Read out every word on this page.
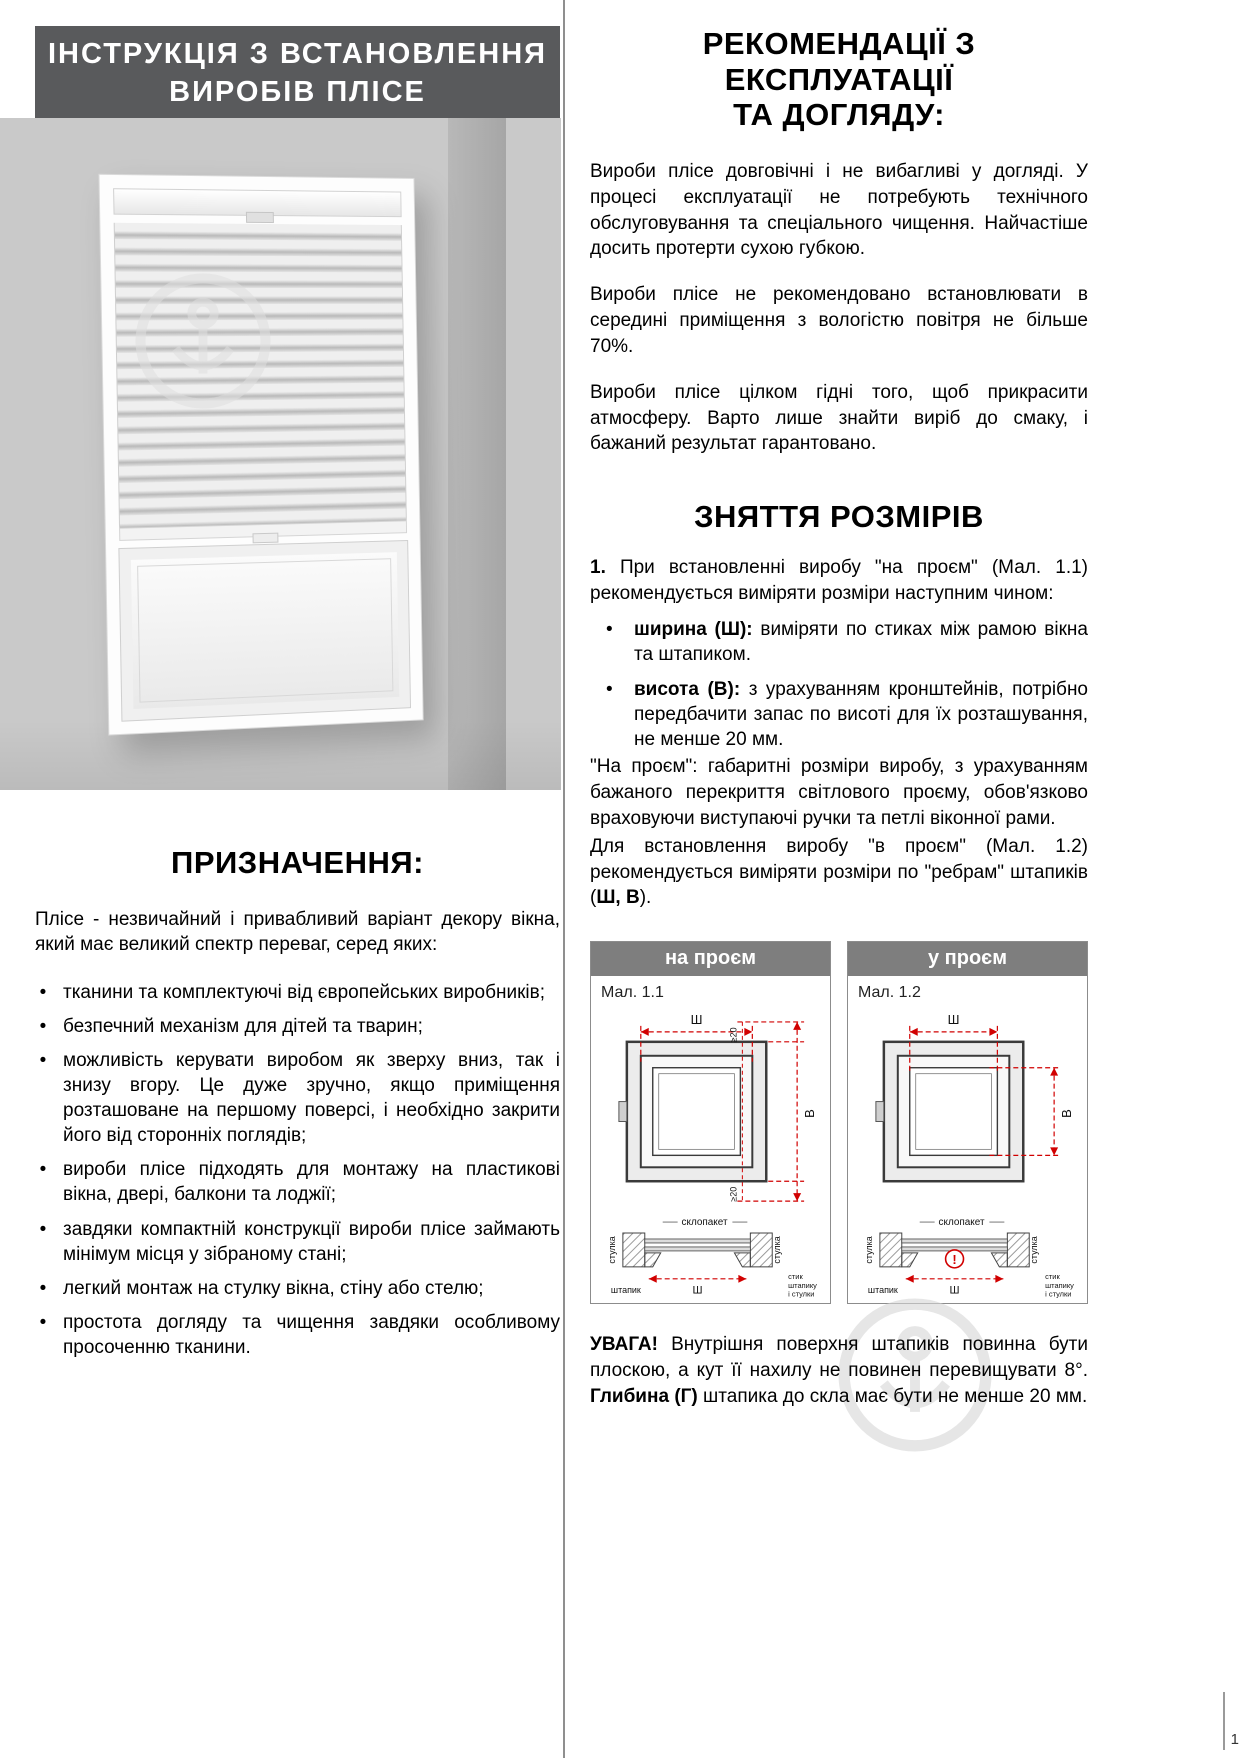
ІНСТРУКЦІЯ З ВСТАНОВЛЕННЯ
ВИРОБІВ ПЛІСЕ
ПРИЗНАЧЕННЯ:
Плісе - незвичайний і привабливий варіант декору вікна, який має великий спектр переваг, серед яких:
• тканини та комплектуючі від європейських виробників;
• безпечний механізм для дітей та тварин;
• можливість керувати виробом як зверху вниз, так і знизу вгору. Це дуже зручно, якщо приміщення розташоване на першому поверсі, і необхідно закрити його від сторонніх поглядів;
• вироби плісе підходять для монтажу на пластикові вікна, двері, балкони та лоджії;
• завдяки компактній конструкції вироби плісе займають мінімум місця у зібраному стані;
• легкий монтаж на стулку вікна, стіну або стелю;
• простота догляду та чищення завдяки особливому просоченню тканини.
РЕКОМЕНДАЦІЇ З ЕКСПЛУАТАЦІЇ
ТА ДОГЛЯДУ:
Вироби плісе довговічні і не вибагливі у догляді. У процесі експлуатації не потребують технічного обслуговування та спеціального чищення. Найчастіше досить протерти сухою губкою.
Вироби плісе не рекомендовано встановлювати в середині приміщення з вологістю повітря не більше 70%.
Вироби плісе цілком гідні того, щоб прикрасити атмосферу. Варто лише знайти виріб до смаку, і бажаний результат гарантовано.
ЗНЯТТЯ РОЗМІРІВ
1. При встановленні виробу "на проєм" (Мал. 1.1) рекомендується виміряти розміри наступним чином:
•	ширина (Ш): виміряти по стиках між рамою вікна та штапиком.
•	висота (В): з урахуванням кронштейнів, потрібно передбачити запас по висоті для їх розташування, не менше 20 мм.
"На проєм": габаритні розміри виробу, з урахуванням бажаного перекриття світлового проєму, обов'язково враховуючи виступаючі ручки та петлі віконної рами.
Для встановлення виробу "в проєм" (Мал. 1.2) рекомендується виміряти розміри по "ребрам" штапиків (Ш, В).
на проєм
Мал. 1.1
Ш
В
≥20
≥20
склопакет
стулка	стулка
Ш
штапик
стик
штапику
і стулки
у проєм
Мал. 1.2
Ш
В
склопакет
!
стулка	стулка
Ш
штапик
стик
штапику
і стулки
УВАГА! Внутрішня поверхня штапиків повинна бути плоскою, а кут її нахилу не повинен перевищувати 8°. Глибина (Г) штапика до скла має бути не менше 20 мм.
1
